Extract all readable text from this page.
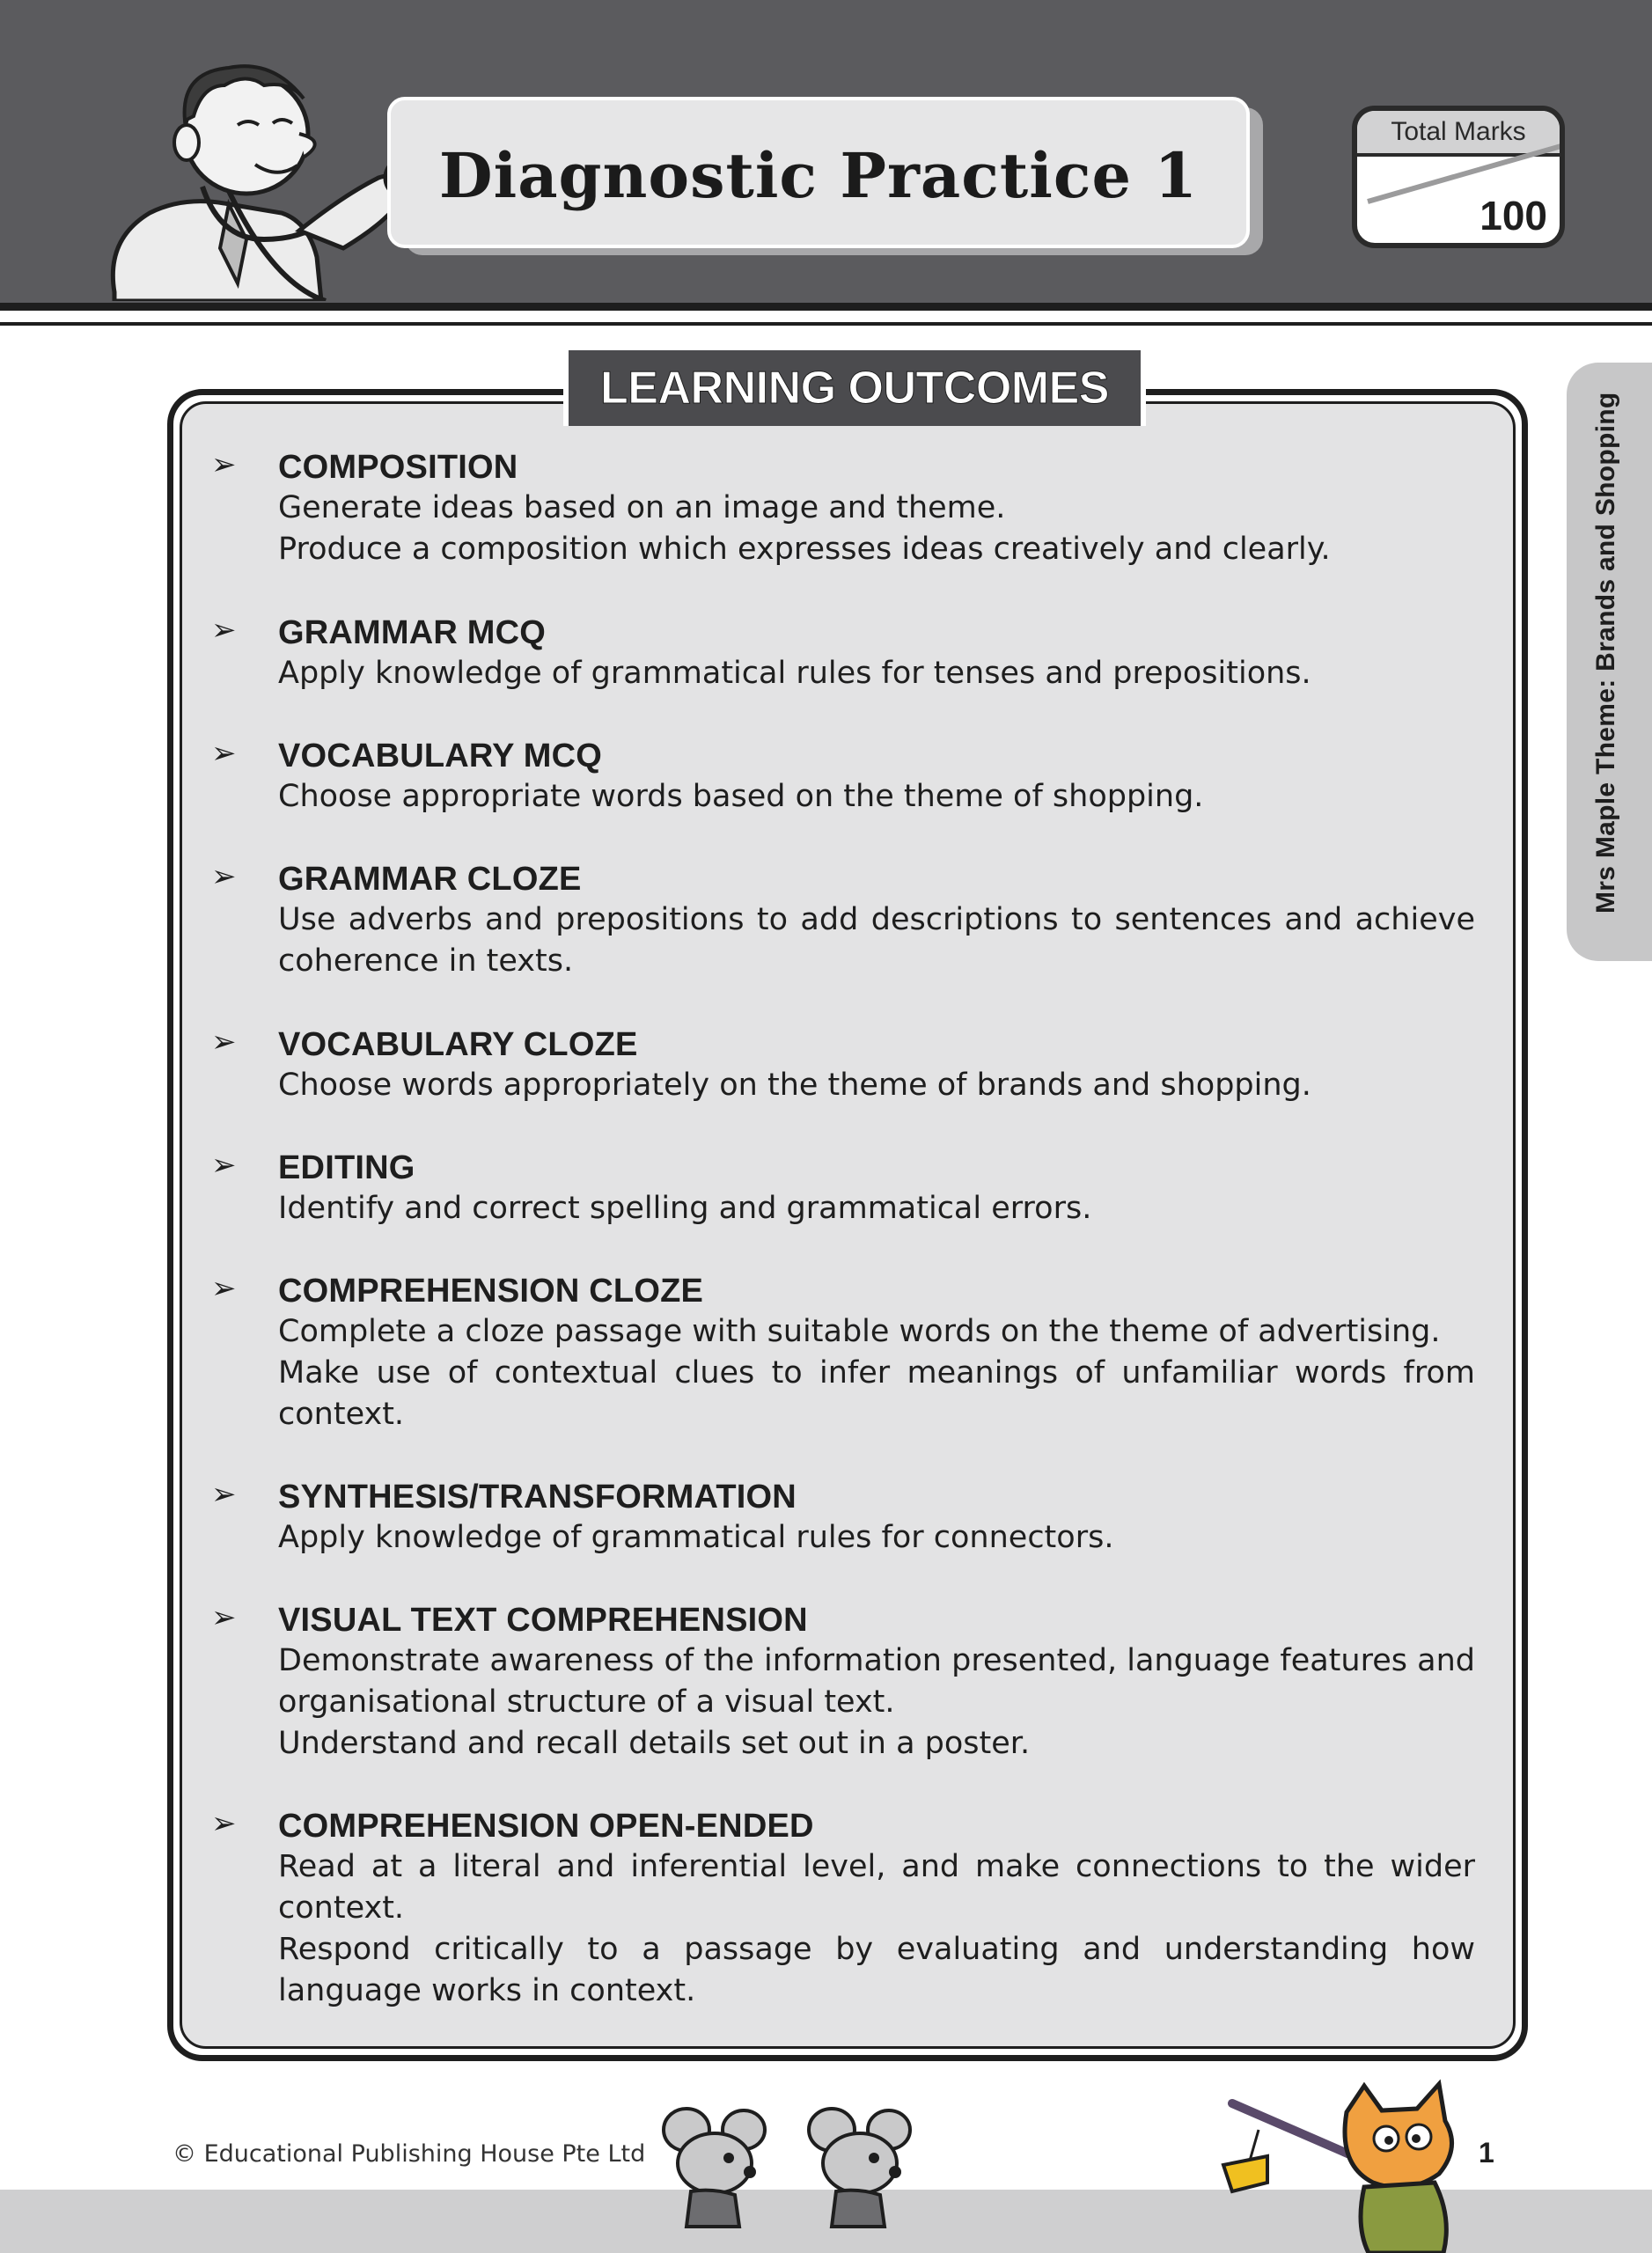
Diagnostic Practice 1
Total Marks
100
Mrs Maple Theme: Brands and Shopping
LEARNING OUTCOMES
➢ COMPOSITION
Generate ideas based on an image and theme.
Produce a composition which expresses ideas creatively and clearly.
➢ GRAMMAR MCQ
Apply knowledge of grammatical rules for tenses and prepositions.
➢ VOCABULARY MCQ
Choose appropriate words based on the theme of shopping.
➢ GRAMMAR CLOZE
Use adverbs and prepositions to add descriptions to sentences and achieve coherence in texts.
➢ VOCABULARY CLOZE
Choose words appropriately on the theme of brands and shopping.
➢ EDITING
Identify and correct spelling and grammatical errors.
➢ COMPREHENSION CLOZE
Complete a cloze passage with suitable words on the theme of advertising.
Make use of contextual clues to infer meanings of unfamiliar words from context.
➢ SYNTHESIS/TRANSFORMATION
Apply knowledge of grammatical rules for connectors.
➢ VISUAL TEXT COMPREHENSION
Demonstrate awareness of the information presented, language features and organisational structure of a visual text.
Understand and recall details set out in a poster.
➢ COMPREHENSION OPEN-ENDED
Read at a literal and inferential level, and make connections to the wider context.
Respond critically to a passage by evaluating and understanding how language works in context.
© Educational Publishing House Pte Ltd	1
